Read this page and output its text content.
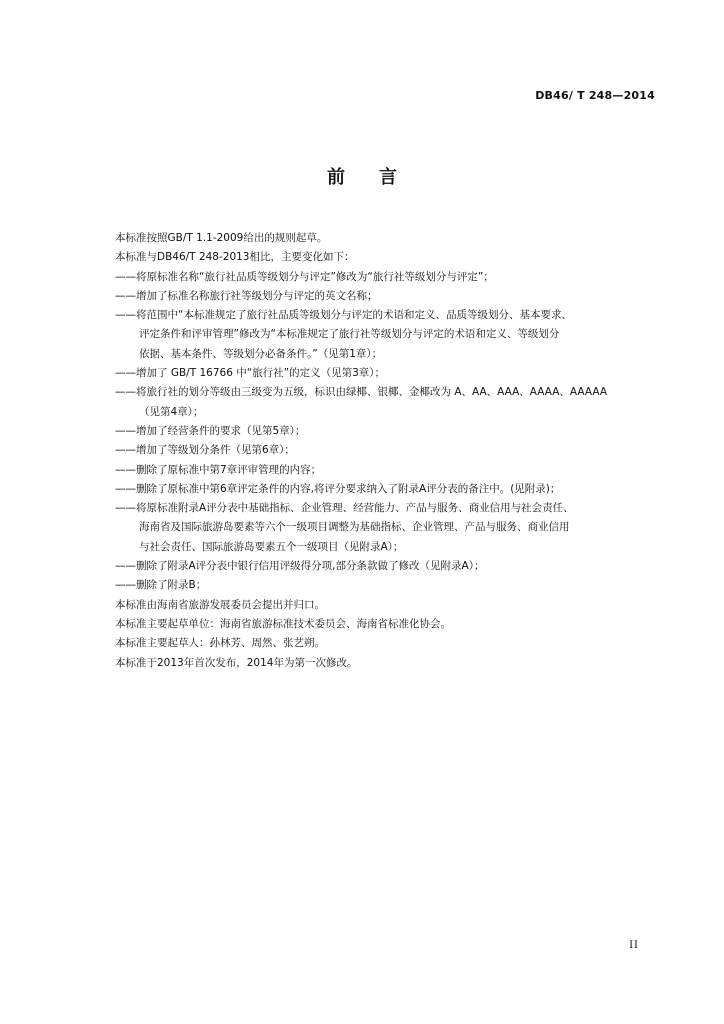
DB46/ T 248—2014
前 言
本标准按照GB/T 1.1-2009给出的规则起草。
本标准与DB46/T 248-2013相比，主要变化如下：
——将原标准名称“旅行社品质等级划分与评定”修改为“旅行社等级划分与评定”；
——增加了标准名称旅行社等级划分与评定的英文名称；
——将范围中“本标准规定了旅行社品质等级划分与评定的术语和定义、品质等级划分、基本要求、
评定条件和评审管理”修改为“本标准规定了旅行社等级划分与评定的术语和定义、等级划分
依据、基本条件、等级划分必备条件。”（见第1章）；
——增加了 GB/T 16766 中“旅行社”的定义（见第3章）；
——将旅行社的划分等级由三级变为五级，标识由绿椰、银椰、金椰改为 A、AA、AAA、AAAA、AAAAA
（见第4章）；
——增加了经营条件的要求（见第5章）；
——增加了等级划分条件（见第6章）；
——删除了原标准中第7章评审管理的内容；
——删除了原标准中第6章评定条件的内容,将评分要求纳入了附录A评分表的备注中。(见附录)；
——将原标准附录A评分表中基础指标、企业管理、经营能力、产品与服务、商业信用与社会责任、
海南省及国际旅游岛要素等六个一级项目调整为基础指标、企业管理、产品与服务、商业信用
与社会责任、国际旅游岛要素五个一级项目（见附录A）；
——删除了附录A评分表中银行信用评级得分项,部分条款做了修改（见附录A）；
——删除了附录B；
本标准由海南省旅游发展委员会提出并归口。
本标准主要起草单位：海南省旅游标准技术委员会、海南省标准化协会。
本标准主要起草人：孙林芳、周然、张艺朔。
本标准于2013年首次发布，2014年为第一次修改。
II
